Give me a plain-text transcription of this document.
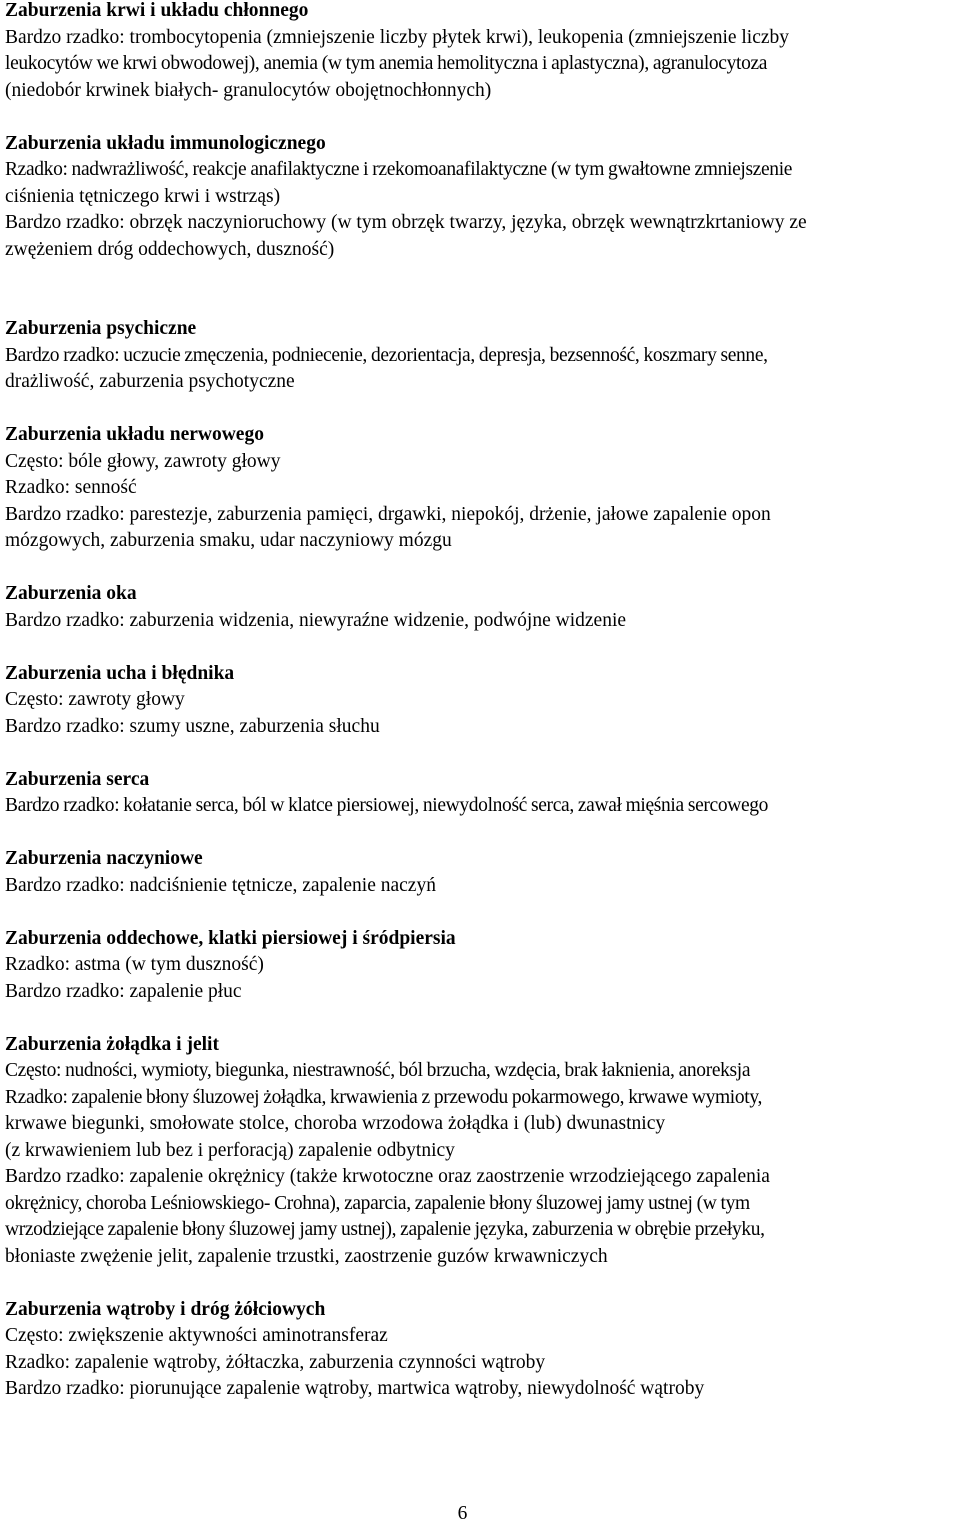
Zaburzenia krwi i układu chłonnego

Bardzo rzadko: trombocytopenia (zmniejszenie liczby płytek krwi), leukopenia (zmniejszenie liczby

leukocytów we krwi obwodowej), anemia (w tym anemia hemolityczna i aplastyczna), agranulocytoza

(niedobór krwinek białych- granulocytów obojętnochłonnych)

Zaburzenia układu immunologicznego

Rzadko: nadwrażliwość, reakcje anafilaktyczne i rzekomoanafilaktyczne (w tym gwałtowne zmniejszenie

ciśnienia tętniczego krwi i wstrząs)

Bardzo rzadko: obrzęk naczynioruchowy (w tym obrzęk twarzy, języka, obrzęk wewnątrzkrtaniowy ze

zwężeniem dróg oddechowych, duszność)

Zaburzenia psychiczne

Bardzo rzadko: uczucie zmęczenia, podniecenie, dezorientacja, depresja, bezsenność, koszmary senne,

drażliwość, zaburzenia psychotyczne

Zaburzenia układu nerwowego

Często: bóle głowy, zawroty głowy

Rzadko: senność

Bardzo rzadko: parestezje, zaburzenia pamięci, drgawki, niepokój, drżenie, jałowe zapalenie opon

mózgowych, zaburzenia smaku, udar naczyniowy mózgu

Zaburzenia oka

Bardzo rzadko: zaburzenia widzenia, niewyraźne widzenie, podwójne widzenie

Zaburzenia ucha i błędnika

Często: zawroty głowy

Bardzo rzadko: szumy uszne, zaburzenia słuchu

Zaburzenia serca

Bardzo rzadko: kołatanie serca, ból w klatce piersiowej, niewydolność serca, zawał mięśnia sercowego

Zaburzenia naczyniowe

Bardzo rzadko: nadciśnienie tętnicze, zapalenie naczyń

Zaburzenia oddechowe, klatki piersiowej i śródpiersia

Rzadko: astma (w tym duszność)

Bardzo rzadko: zapalenie płuc

Zaburzenia żołądka i jelit

Często: nudności, wymioty, biegunka, niestrawność, ból brzucha, wzdęcia, brak łaknienia, anoreksja

Rzadko: zapalenie błony śluzowej żołądka, krwawienia z przewodu pokarmowego, krwawe wymioty,

krwawe biegunki, smołowate stolce, choroba wrzodowa żołądka i (lub) dwunastnicy

(z krwawieniem lub bez i perforacją) zapalenie odbytnicy

Bardzo rzadko: zapalenie okrężnicy (także krwotoczne oraz zaostrzenie wrzodziejącego zapalenia

okrężnicy, choroba Leśniowskiego- Crohna), zaparcia, zapalenie błony śluzowej jamy ustnej (w tym

wrzodziejące zapalenie błony śluzowej jamy ustnej), zapalenie języka, zaburzenia w obrębie przełyku,

błoniaste zwężenie jelit, zapalenie trzustki, zaostrzenie guzów krwawniczych

Zaburzenia wątroby i dróg żółciowych

Często: zwiększenie aktywności aminotransferaz

Rzadko: zapalenie wątroby, żółtaczka, zaburzenia czynności wątroby

Bardzo rzadko: piorunujące zapalenie wątroby, martwica wątroby, niewydolność wątroby

6
